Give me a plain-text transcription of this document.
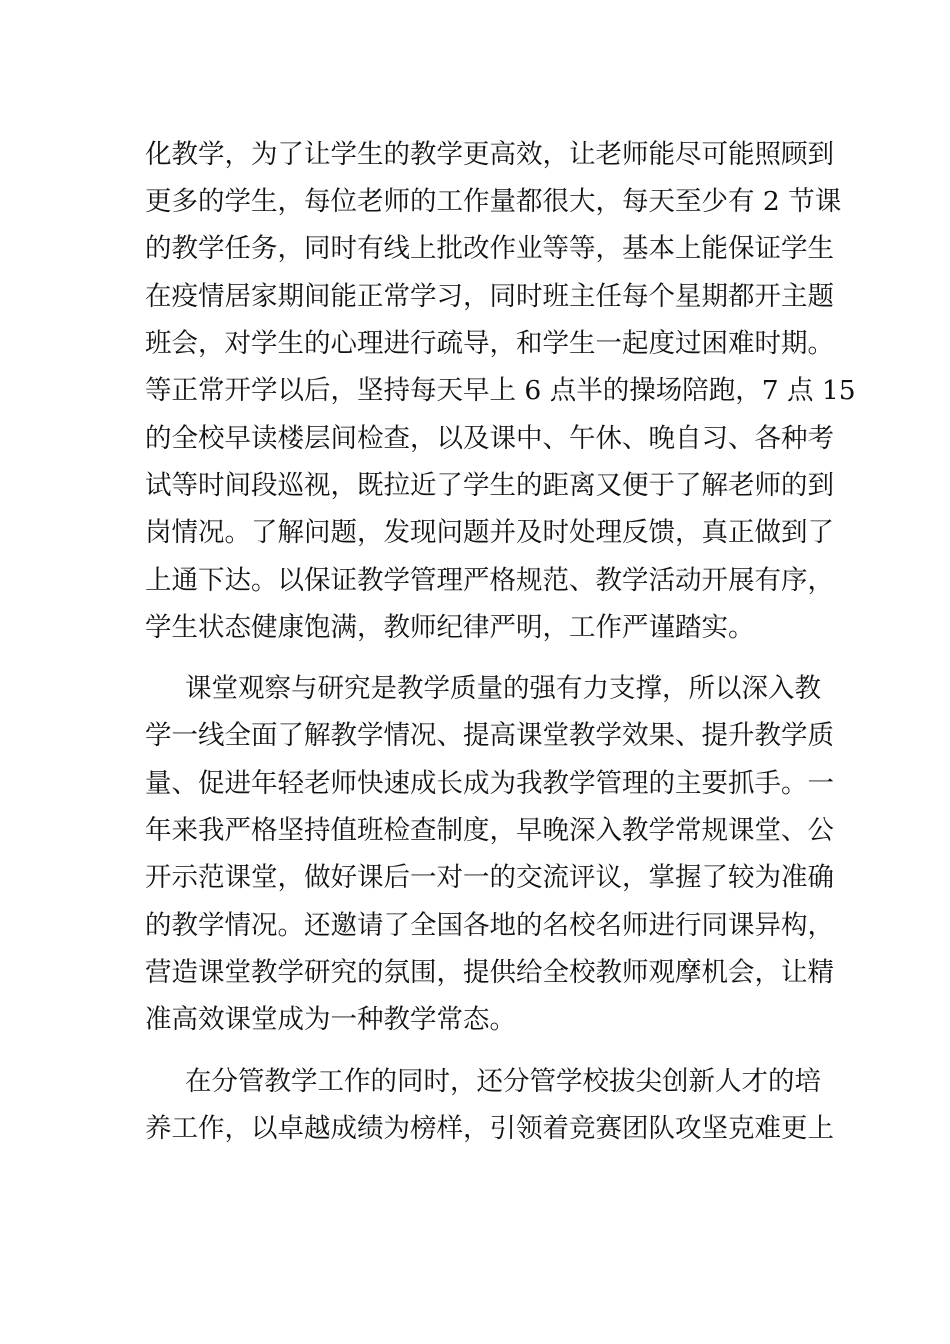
化教学，为了让学生的教学更高效，让老师能尽可能照顾到
更多的学生，每位老师的工作量都很大，每天至少有 2 节课
的教学任务，同时有线上批改作业等等，基本上能保证学生
在疫情居家期间能正常学习，同时班主任每个星期都开主题
班会，对学生的心理进行疏导，和学生一起度过困难时期。
等正常开学以后，坚持每天早上 6 点半的操场陪跑，7 点 15
的全校早读楼层间检查，以及课中、午休、晚自习、各种考
试等时间段巡视，既拉近了学生的距离又便于了解老师的到
岗情况。了解问题，发现问题并及时处理反馈，真正做到了
上通下达。以保证教学管理严格规范、教学活动开展有序，
学生状态健康饱满，教师纪律严明，工作严谨踏实。
课堂观察与研究是教学质量的强有力支撑，所以深入教
学一线全面了解教学情况、提高课堂教学效果、提升教学质
量、促进年轻老师快速成长成为我教学管理的主要抓手。一
年来我严格坚持值班检查制度，早晚深入教学常规课堂、公
开示范课堂，做好课后一对一的交流评议，掌握了较为准确
的教学情况。还邀请了全国各地的名校名师进行同课异构，
营造课堂教学研究的氛围，提供给全校教师观摩机会，让精
准高效课堂成为一种教学常态。
在分管教学工作的同时，还分管学校拔尖创新人才的培
养工作，以卓越成绩为榜样，引领着竞赛团队攻坚克难更上
